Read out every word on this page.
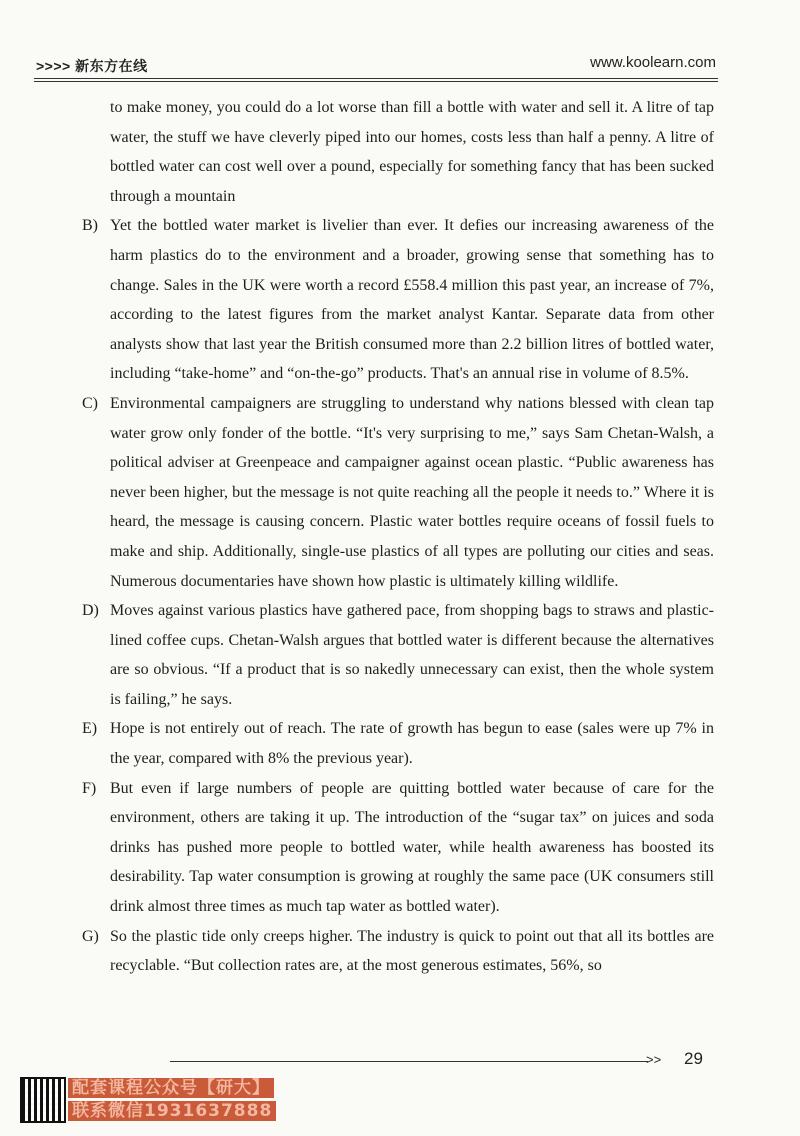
>>>> 新东方在线	www.koolearn.com

to make money, you could do a lot worse than fill a bottle with water and sell it. A litre of tap water, the stuff we have cleverly piped into our homes, costs less than half a penny. A litre of bottled water can cost well over a pound, especially for something fancy that has been sucked through a mountain

B) Yet the bottled water market is livelier than ever. It defies our increasing awareness of the harm plastics do to the environment and a broader, growing sense that something has to change. Sales in the UK were worth a record £558.4 million this past year, an increase of 7%, according to the latest figures from the market analyst Kantar. Separate data from other analysts show that last year the British consumed more than 2.2 billion litres of bottled water, including “take-home” and “on-the-go” products. That's an annual rise in volume of 8.5%.

C) Environmental campaigners are struggling to understand why nations blessed with clean tap water grow only fonder of the bottle. “It's very surprising to me,” says Sam Chetan-Walsh, a political adviser at Greenpeace and campaigner against ocean plastic. “Public awareness has never been higher, but the message is not quite reaching all the people it needs to.” Where it is heard, the message is causing concern. Plastic water bottles require oceans of fossil fuels to make and ship. Additionally, single-use plastics of all types are polluting our cities and seas. Numerous documentaries have shown how plastic is ultimately killing wildlife.

D) Moves against various plastics have gathered pace, from shopping bags to straws and plastic-lined coffee cups. Chetan-Walsh argues that bottled water is different because the alternatives are so obvious. “If a product that is so nakedly unnecessary can exist, then the whole system is failing,” he says.

E) Hope is not entirely out of reach. The rate of growth has begun to ease (sales were up 7% in the year, compared with 8% the previous year).

F) But even if large numbers of people are quitting bottled water because of care for the environment, others are taking it up. The introduction of the “sugar tax” on juices and soda drinks has pushed more people to bottled water, while health awareness has boosted its desirability. Tap water consumption is growing at roughly the same pace (UK consumers still drink almost three times as much tap water as bottled water).

G) So the plastic tide only creeps higher. The industry is quick to point out that all its bottles are recyclable. “But collection rates are, at the most generous estimates, 56%, so

>> 29
配套课程公众号【研大】
联系微信1931637888
